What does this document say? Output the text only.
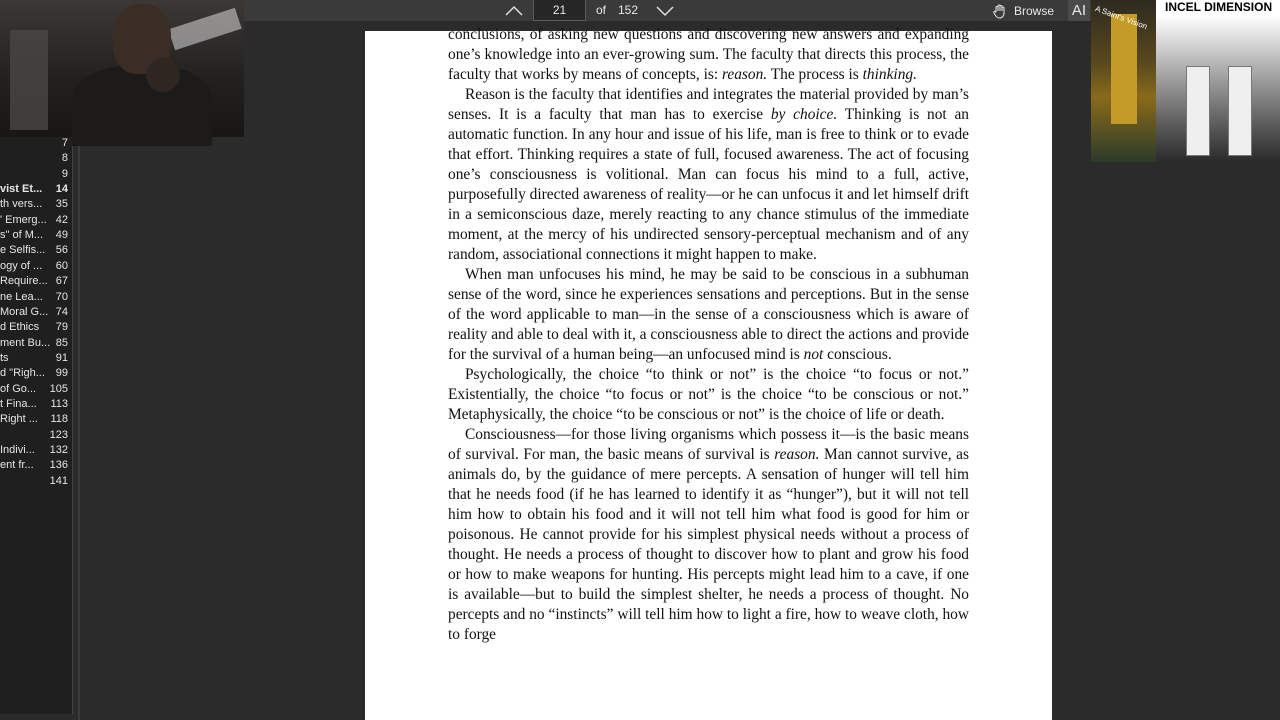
21
of 152	Browse AI
7
8
9
vist Et... 14
th vers... 35
' Emerg... 42
s" of M... 49
e Selfis... 56
ogy of ... 60
Require... 67
ne Lea... 70
Moral G... 74
d Ethics	79
ment Bu... 85
ts	91
d "Righ... 99
of Go...	105
t Fina...	113
Right ...	118
123
Indivi...	132
ent fr...	136
141
A Saint's Vision	INCEL DIMENSION

conclusions, of asking new questions and discovering new answers and expanding one’s knowledge into an ever-growing sum. The faculty that directs this process, the faculty that works by means of concepts, is: reason. The process is thinking.

Reason is the faculty that identifies and integrates the material provided by man’s senses. It is a faculty that man has to exercise by choice. Thinking is not an automatic function. In any hour and issue of his life, man is free to think or to evade that effort. Thinking requires a state of full, focused awareness. The act of focusing one’s consciousness is volitional. Man can focus his mind to a full, active, purposefully directed awareness of reality—or he can unfocus it and let himself drift in a semiconscious daze, merely reacting to any chance stimulus of the immediate moment, at the mercy of his undirected sensory-perceptual mechanism and of any random, associational connections it might happen to make.

When man unfocuses his mind, he may be said to be conscious in a subhuman sense of the word, since he experiences sensations and perceptions. But in the sense of the word applicable to man—in the sense of a consciousness which is aware of reality and able to deal with it, a consciousness able to direct the actions and provide for the survival of a human being—an unfocused mind is not conscious.

Psychologically, the choice “to think or not” is the choice “to focus or not.” Existentially, the choice “to focus or not” is the choice “to be conscious or not.” Metaphysically, the choice “to be conscious or not” is the choice of life or death.

Consciousness—for those living organisms which possess it—is the basic means of survival. For man, the basic means of survival is reason. Man cannot survive, as animals do, by the guidance of mere percepts. A sensation of hunger will tell him that he needs food (if he has learned to identify it as “hunger”), but it will not tell him how to obtain his food and it will not tell him what food is good for him or poisonous. He cannot provide for his simplest physical needs without a process of thought. He needs a process of thought to discover how to plant and grow his food or how to make weapons for hunting. His percepts might lead him to a cave, if one is available—but to build the simplest shelter, he needs a process of thought. No percepts and no “instincts” will tell him how to light a fire, how to weave cloth, how to forge
